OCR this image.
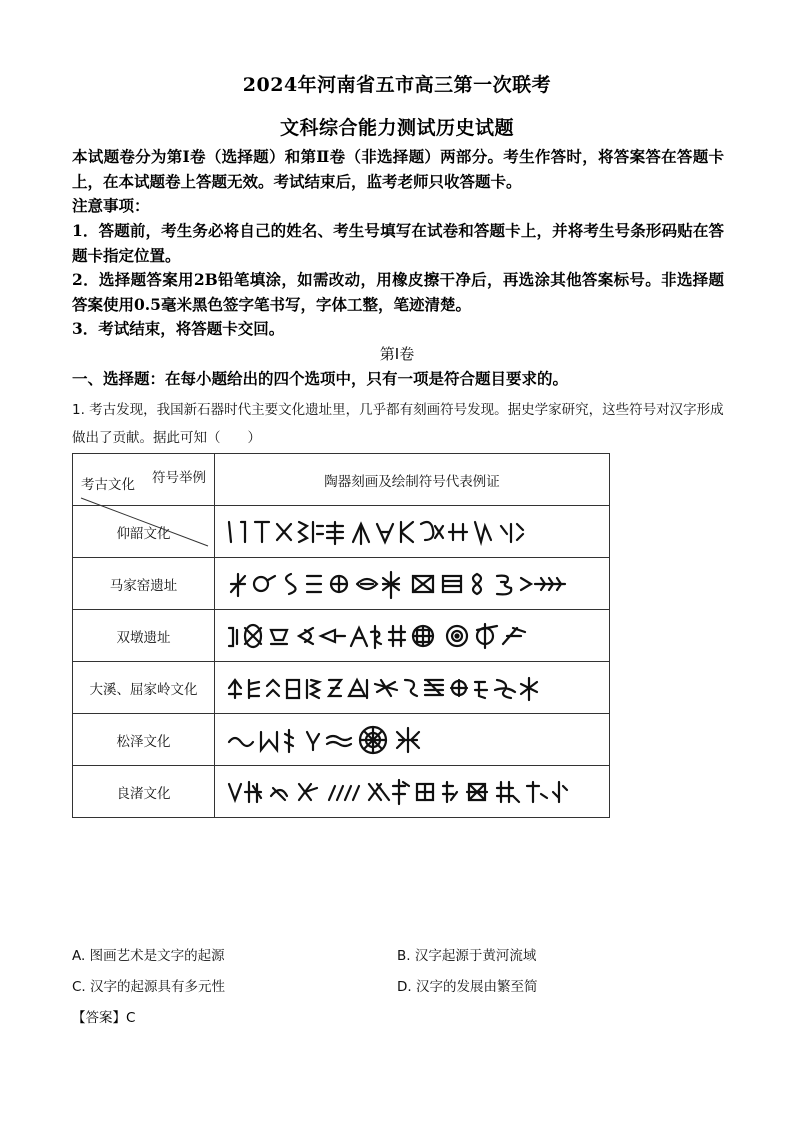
2024年河南省五市高三第一次联考
文科综合能力测试历史试题
本试题卷分为第Ⅰ卷（选择题）和第Ⅱ卷（非选择题）两部分。考生作答时，将答案答在答题卡上，在本试题卷上答题无效。考试结束后，监考老师只收答题卡。
注意事项：
1．答题前，考生务必将自己的姓名、考生号填写在试卷和答题卡上，并将考生号条形码贴在答题卡指定位置。
2．选择题答案用2B铅笔填涂，如需改动，用橡皮擦干净后，再选涂其他答案标号。非选择题答案使用0.5毫米黑色签字笔书写，字体工整，笔迹清楚。
3．考试结束，将答题卡交回。
第Ⅰ卷
一、选择题：在每小题给出的四个选项中，只有一项是符合题目要求的。
1. 考古发现，我国新石器时代主要文化遗址里，几乎都有刻画符号发现。据史学家研究，这些符号对汉字形成做出了贡献。据此可知（　　）
符号举例
考古文化	陶器刻画及绘制符号代表例证
仰韶文化	

马家窑遗址	

双墩遗址	

大溪、屈家岭文化	

松泽文化	

良渚文化	
A. 图画艺术是文字的起源	B. 汉字起源于黄河流域
C. 汉字的起源具有多元性	D. 汉字的发展由繁至简
【答案】C
